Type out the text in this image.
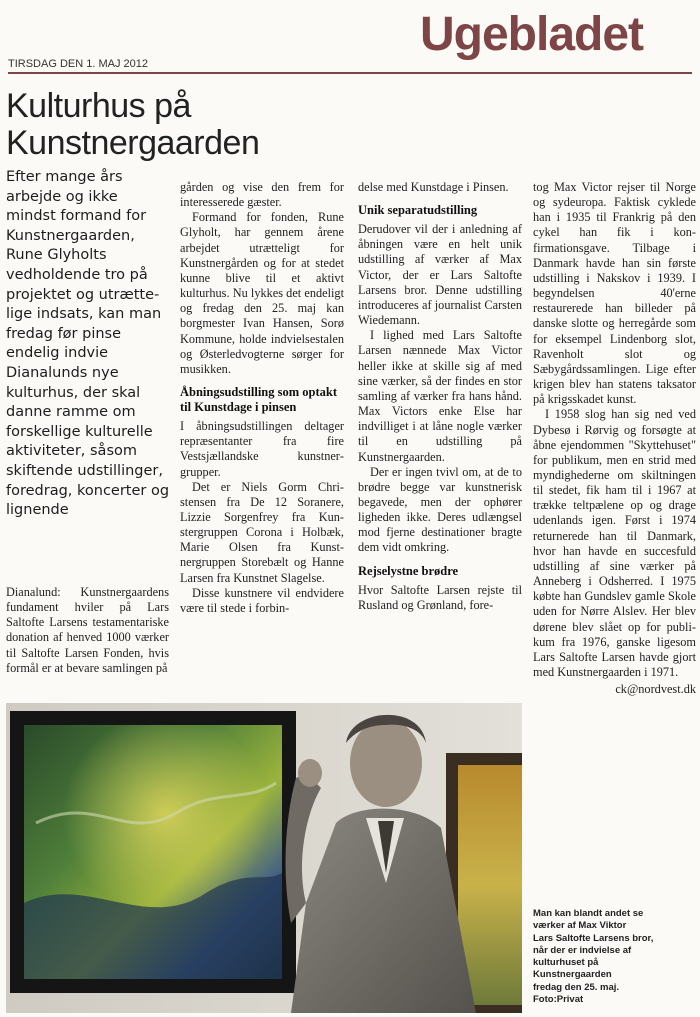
Ugebladet
TIRSDAG DEN 1. MAJ 2012
Kulturhus på
Kunstnergaarden
Efter mange års arbejde og ikke mindst formand for Kunstnergaarden, Rune Glyholts vedholdende tro på projektet og utrættelige indsats, kan man fredag før pinse endelig indvie Dianalunds nye kulturhus, der skal danne ramme om forskellige kulturelle aktiviteter, såsom skiftende udstillinger, foredrag, koncerter og lignende

Dianalund: Kunstnergaardens fundament hviler på Lars Saltofte Larsens testamentariske donation af henved 1000 værker til Saltofte Larsen Fonden, hvis formål er at bevare samlingen på

gården og vise den frem for interesserede gæster.

Formand for fonden, Rune Glyholt, har gennem årene arbejdet utrætteligt for Kunstnergården og for at stedet kunne blive til et aktivt kulturhus. Nu lykkes det endeligt og fredag den 25. maj kan borgmester Ivan Hansen, Sorø Kommune, holde indvielsestalen og Østerledvogterne sørger for musikken.

Åbningsudstilling som optakt til Kunstdage i pinsen

I åbningsudstillingen deltager repræsentanter fra fire Vestsjællandske kunstnergrupper.

Det er Niels Gorm Christensen fra De 12 Soranere, Lizzie Sorgenfrey fra Kunstergruppen Corona i Holbæk, Marie Olsen fra Kunstnergruppen Storebælt og Hanne Larsen fra Kunstnet Slagelse.

Disse kunstnere vil endvidere være til stede i forbin-

delse med Kunstdage i Pinsen.

Unik separatudstilling

Derudover vil der i anledning af åbningen være en helt unik udstilling af værker af Max Victor, der er Lars Saltofte Larsens bror. Denne udstilling introduceres af journalist Carsten Wiedemann.

I lighed med Lars Saltofte Larsen nænnede Max Victor heller ikke at skille sig af med sine værker, så der findes en stor samling af værker fra hans hånd. Max Victors enke Else har indvilliget i at låne nogle værker til en udstilling på Kunstnergaarden.

Der er ingen tvivl om, at de to brødre begge var kunstnerisk begavede, men der ophører ligheden ikke. Deres udlængsel mod fjerne destinationer bragte dem vidt omkring.

Rejselystne brødre

Hvor Saltofte Larsen rejste til Rusland og Grønland, fore-

tog Max Victor rejser til Norge og sydeuropa. Faktisk cyklede han i 1935 til Frankrig på den cykel han fik i konfirmationsgave. Tilbage i Danmark havde han sin første udstilling i Nakskov i 1939. I begyndelsen 40'erne restaurerede han billeder på danske slotte og herregårde som for eksempel Lindenborg slot, Ravenholt slot og Sæbygårdssamlingen. Lige efter krigen blev han statens taksator på krigsskadet kunst.

I 1958 slog han sig ned ved Dybesø i Rørvig og forsøgte at åbne ejendommen "Skyttehuset" for publikum, men en strid med myndighederne om skiltningen til stedet, fik ham til i 1967 at trække teltpælene op og drage udenlands igen. Først i 1974 returnerede han til Danmark, hvor han havde en succesfuld udstilling af sine værker på Anneberg i Odsherred. I 1975 købte han Gundslev gamle Skole uden for Nørre Alslev. Her blev dørene blev slået op for publikum fra 1976, ganske ligesom Lars Saltofte Larsen havde gjort med Kunstnergaarden i 1971.

ck@nordvest.dk

Man kan blandt andet se

værker af Max Viktor

Lars Saltofte Larsens bror,

når der er indvielse af

kulturhuset på

Kunstnergaarden

fredag den 25. maj.

Foto:Privat
